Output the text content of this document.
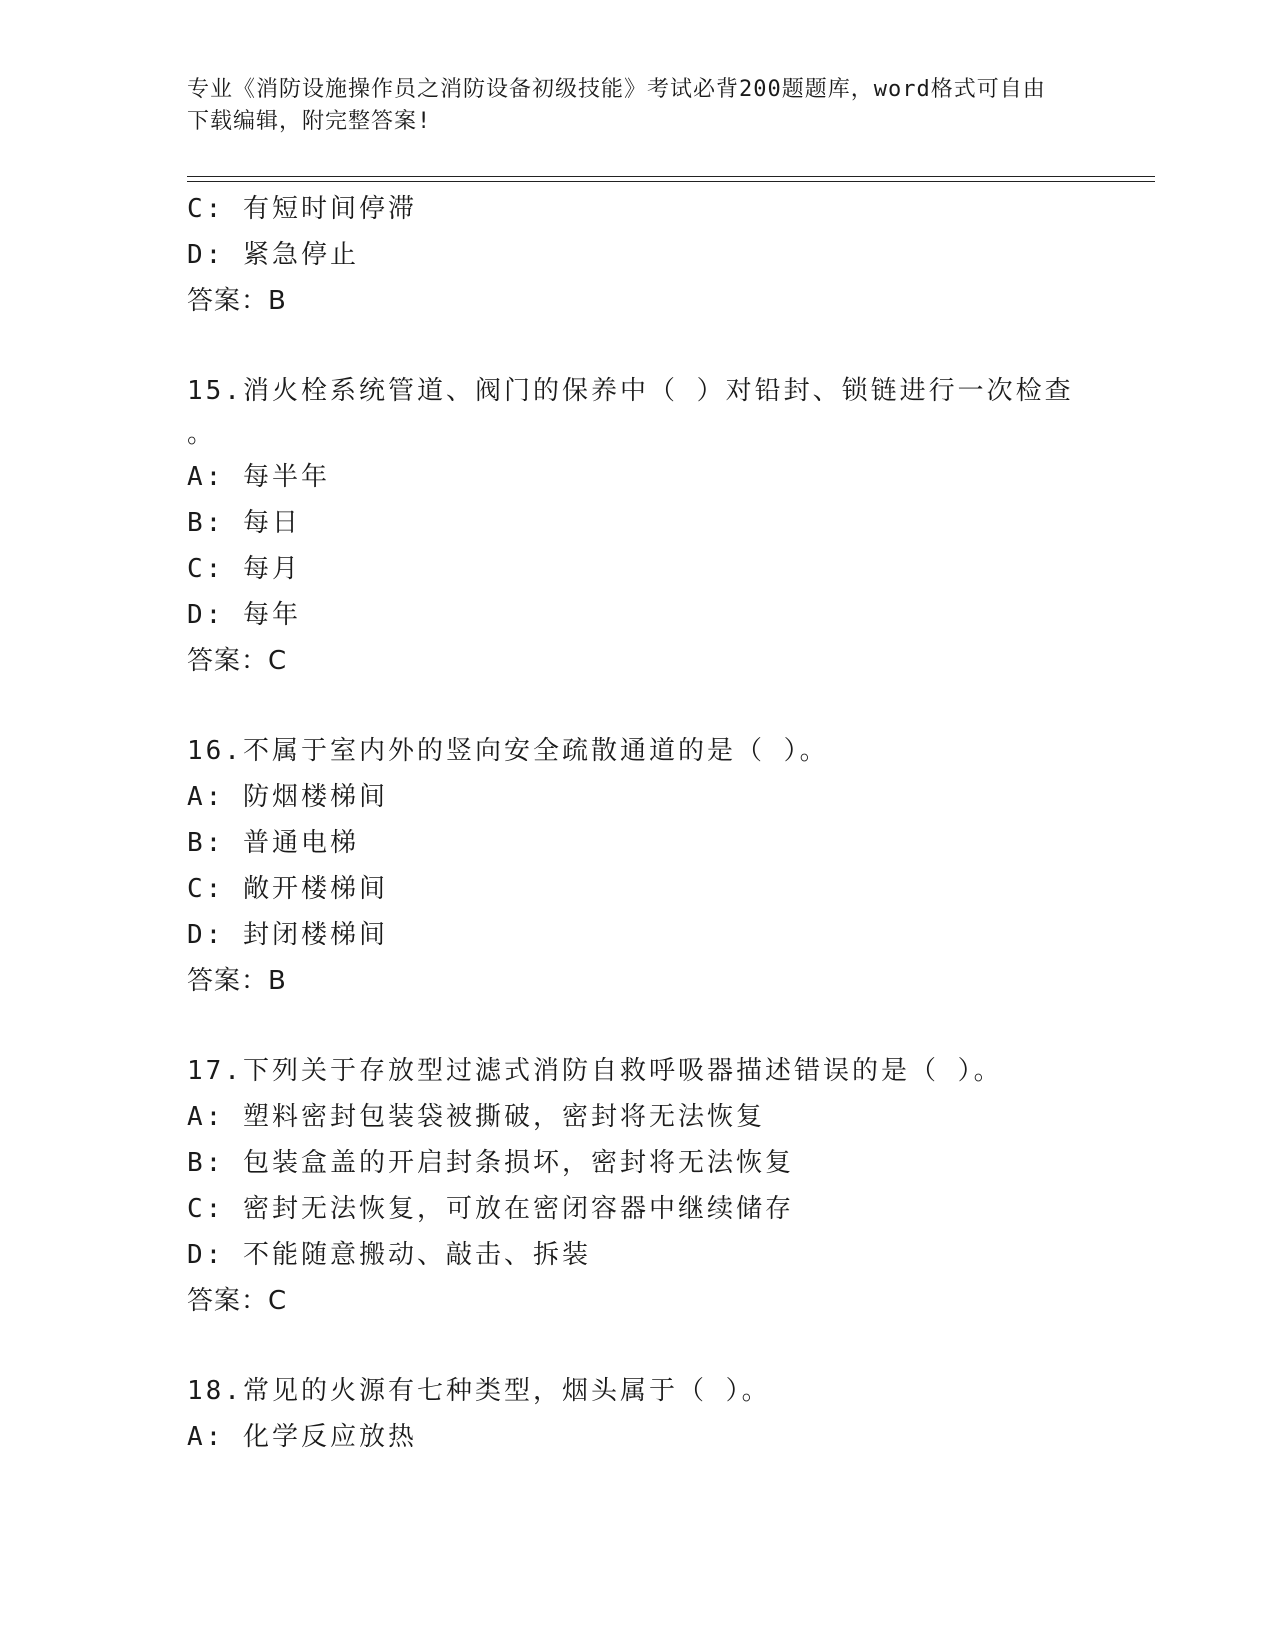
专业《消防设施操作员之消防设备初级技能》考试必背200题题库，word格式可自由下载编辑，附完整答案!
C: 有短时间停滞
D: 紧急停止
答案：B
15.消火栓系统管道、阀门的保养中（ ）对铅封、锁链进行一次检查
。
A: 每半年
B: 每日
C: 每月
D: 每年
答案：C
16.不属于室内外的竖向安全疏散通道的是（ ）。
A: 防烟楼梯间
B: 普通电梯
C: 敞开楼梯间
D: 封闭楼梯间
答案：B
17.下列关于存放型过滤式消防自救呼吸器描述错误的是（ ）。
A: 塑料密封包装袋被撕破，密封将无法恢复
B: 包装盒盖的开启封条损坏，密封将无法恢复
C: 密封无法恢复，可放在密闭容器中继续储存
D: 不能随意搬动、敲击、拆装
答案：C
18.常见的火源有七种类型，烟头属于（ ）。
A: 化学反应放热
